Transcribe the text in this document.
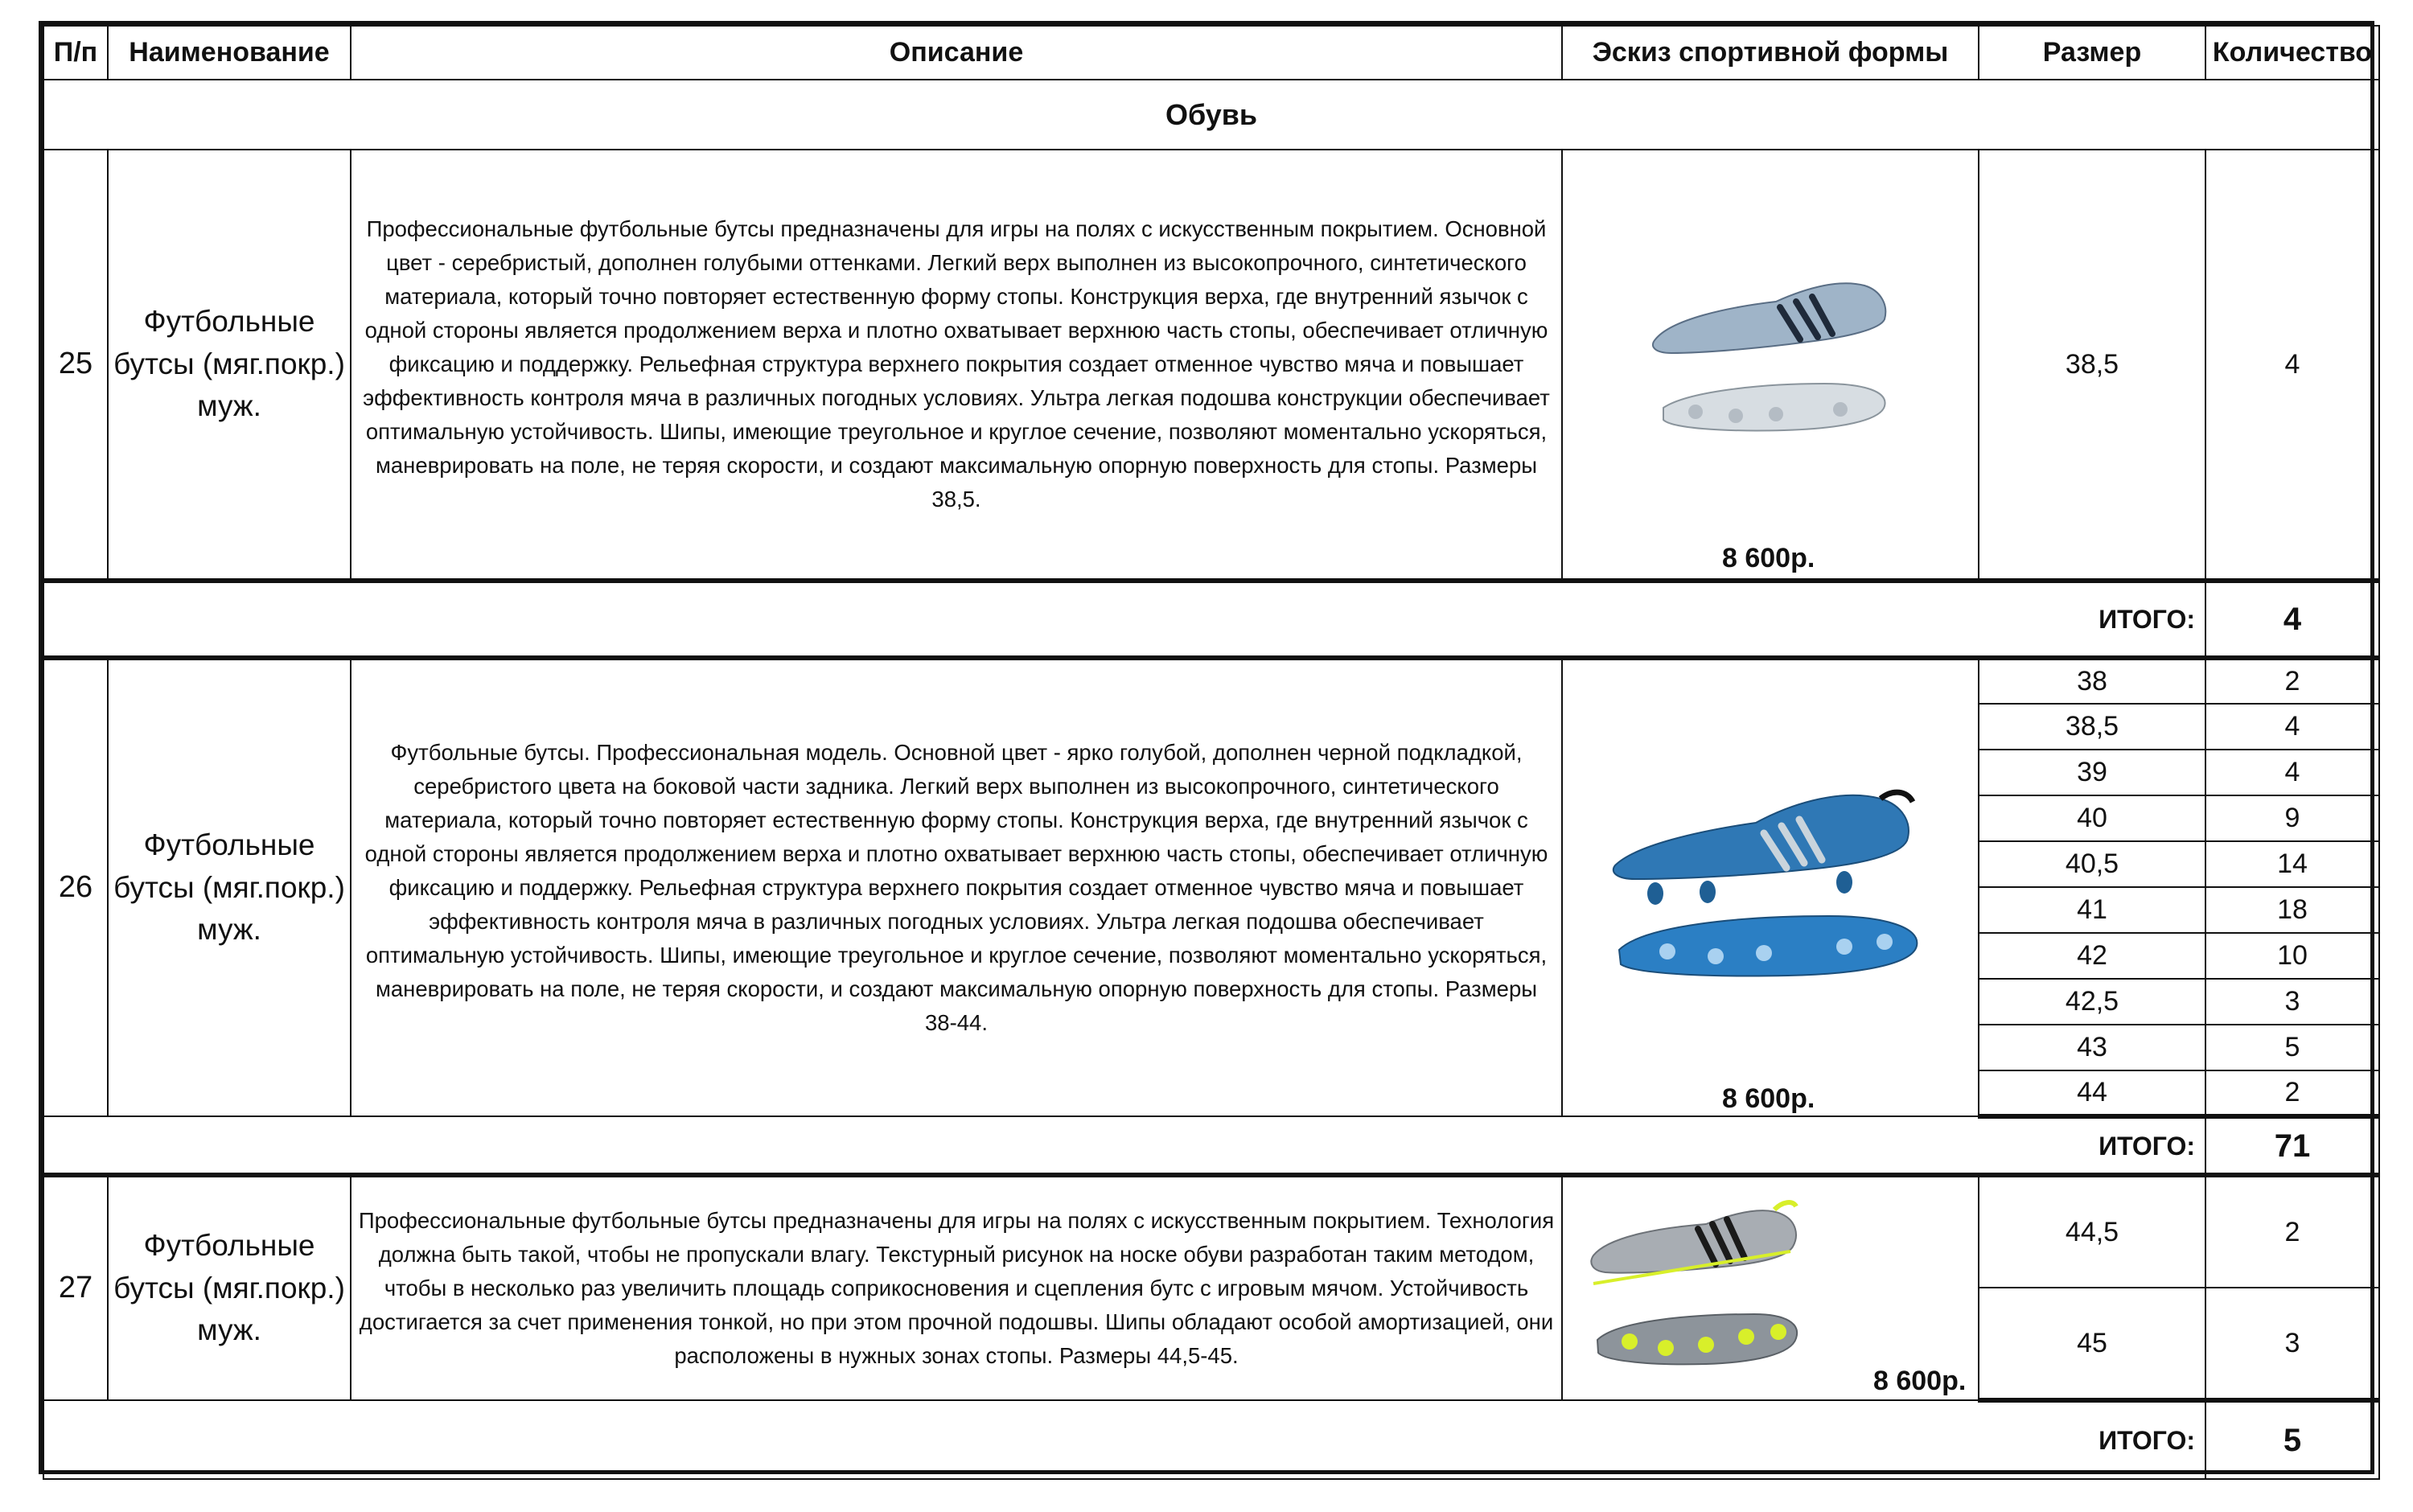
П/п	Наименование	Описание	Эскиз спортивной формы	Размер	Количество
Обувь					
25	Футбольные бутсы (мяг.покр.) муж.	Профессиональные футбольные бутсы предназначены для игры на полях с искусственным покрытием. Основной цвет - серебристый, дополнен голубыми оттенками. Легкий верх выполнен из высокопрочного, синтетического материала, который точно повторяет естественную форму стопы. Конструкция верха, где внутренний язычок с одной стороны является продолжением верха и плотно охватывает верхнюю часть стопы, обеспечивает отличную фиксацию и поддержку. Рельефная структура верхнего покрытия создает отменное чувство мяча и повышает эффективность контроля мяча в различных погодных условиях. Ультра легкая подошва конструкции обеспечивает оптимальную устойчивость. Шипы, имеющие треугольное и круглое сечение, позволяют моментально ускоряться, маневрировать на поле, не теряя скорости, и создают максимальную опорную поверхность для стопы. Размеры 38,5.	8 600р.	38,5	4
ИТОГО:					4
26	Футбольные бутсы (мяг.покр.) муж.	Футбольные бутсы. Профессиональная модель. Основной цвет - ярко голубой, дополнен черной подкладкой, серебристого цвета на боковой части задника. Легкий верх выполнен из высокопрочного, синтетического материала, который точно повторяет естественную форму стопы. Конструкция верха, где внутренний язычок с одной стороны является продолжением верха и плотно охватывает верхнюю часть стопы, обеспечивает отличную фиксацию и поддержку. Рельефная структура верхнего покрытия создает отменное чувство мяча и повышает эффективность контроля мяча в различных погодных условиях. Ультра легкая подошва обеспечивает оптимальную устойчивость. Шипы, имеющие треугольное и круглое сечение, позволяют моментально ускоряться, маневрировать на поле, не теряя скорости, и создают максимальную опорную поверхность для стопы. Размеры 38-44.	8 600р.	38	2
				38,5	4
				39	4
				40	9
				40,5	14
				41	18
				42	10
				42,5	3
				43	5
				44	2
ИТОГО:					71
27	Футбольные бутсы (мяг.покр.) муж.	Профессиональные футбольные бутсы предназначены для игры на полях с искусственным покрытием. Технология должна быть такой, чтобы не пропускали влагу. Текстурный рисунок на носке обуви разработан таким методом, чтобы в несколько раз увеличить площадь соприкосновения и сцепления бутс с игровым мячом. Устойчивость достигается за счет применения тонкой, но при этом прочной подошвы. Шипы обладают особой амортизацией, они расположены в нужных зонах стопы. Размеры 44,5-45.	8 600р.	44,5	2
				45	3
ИТОГО:					5
